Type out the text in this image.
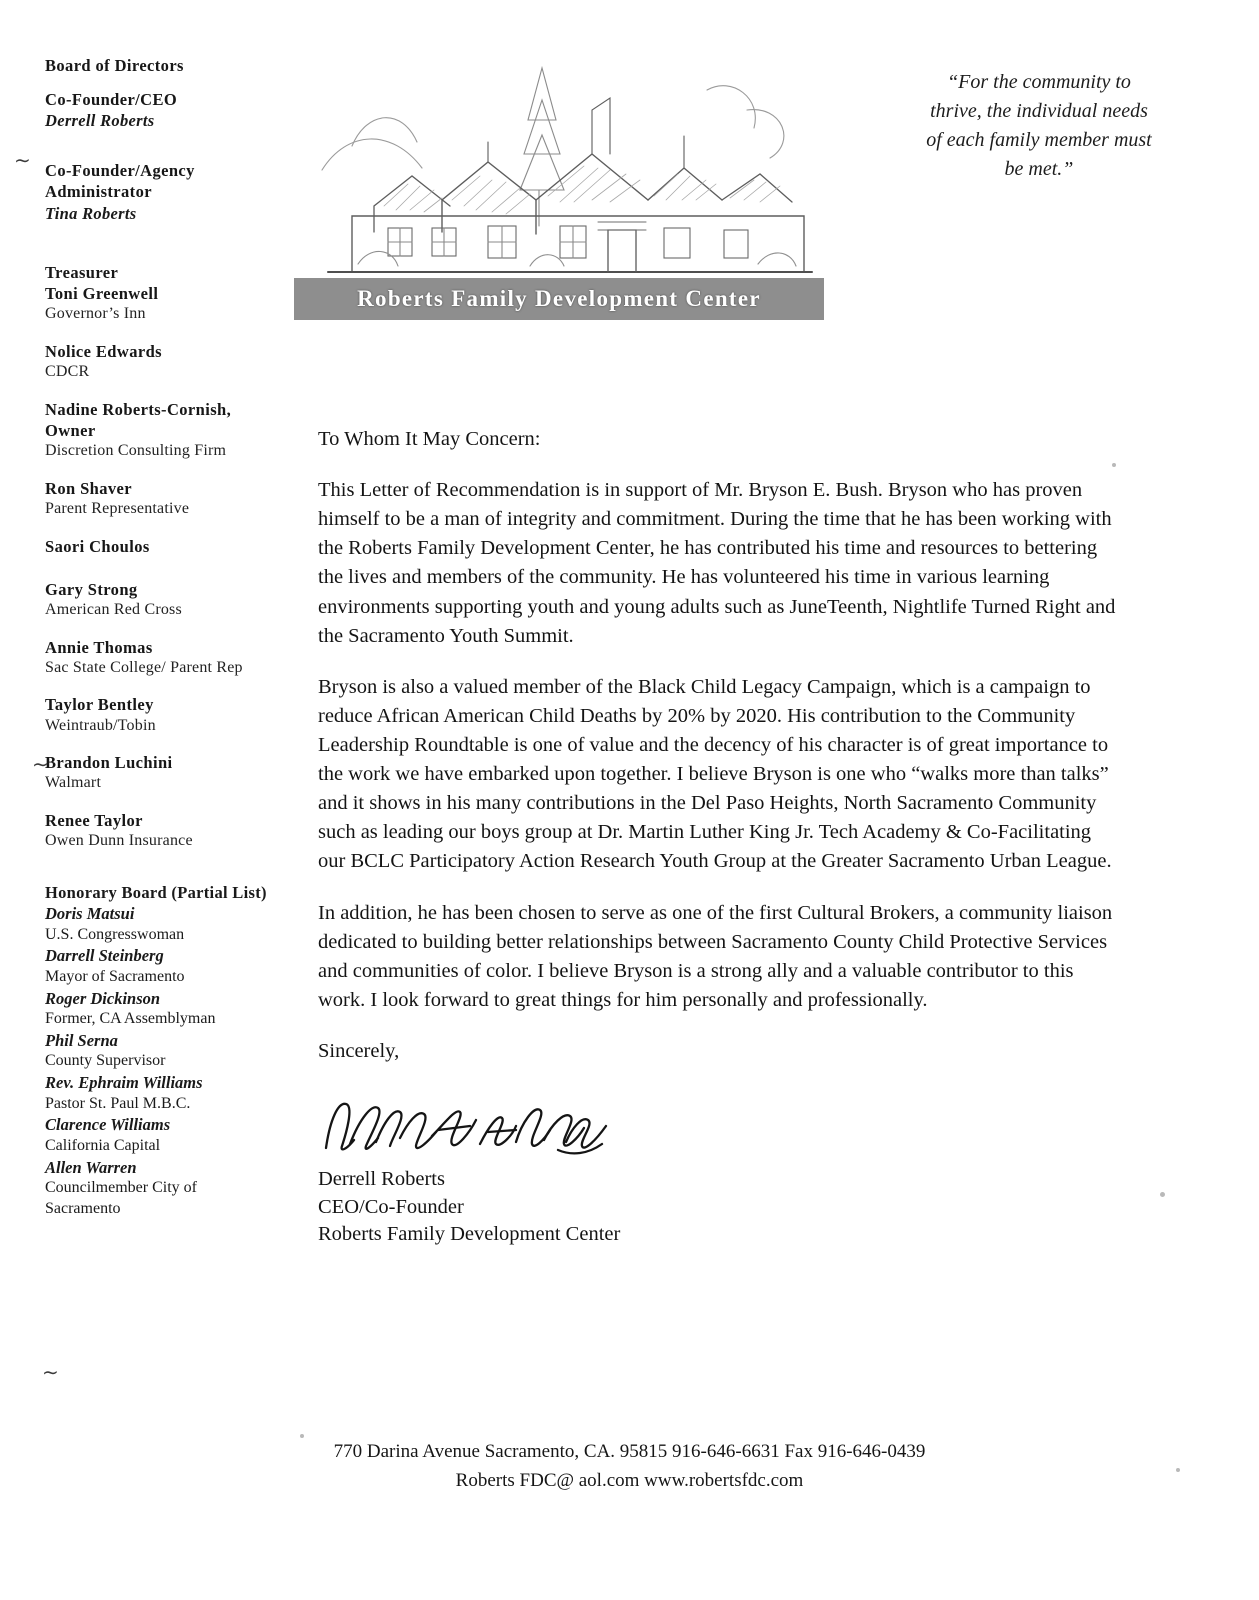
Board of Directors
Co-Founder/CEO
Derrell Roberts
Co-Founder/Agency Administrator
Tina Roberts
Treasurer
Toni Greenwell
Governor’s Inn
Nolice Edwards
CDCR
Nadine Roberts-Cornish, Owner
Discretion Consulting Firm
Ron Shaver
Parent Representative
Saori Choulos
Gary Strong
American Red Cross
Annie Thomas
Sac State College/ Parent Rep
Taylor Bentley
Weintraub/Tobin
Brandon Luchini
Walmart
Renee Taylor
Owen Dunn Insurance
Honorary Board (Partial List)
Doris Matsui
U.S. Congresswoman
Darrell Steinberg
Mayor of Sacramento
Roger Dickinson
Former, CA Assemblyman
Phil Serna
County Supervisor
Rev. Ephraim Williams
Pastor St. Paul M.B.C.
Clarence Williams
California Capital
Allen Warren
Councilmember City of Sacramento
∼
∼
∼
Roberts Family Development Center
“For the community to thrive, the individual needs of each family member must be met.”

To Whom It May Concern:

This Letter of Recommendation is in support of Mr. Bryson E. Bush. Bryson who has proven himself to be a man of integrity and commitment. During the time that he has been working with the Roberts Family Development Center, he has contributed his time and resources to bettering the lives and members of the community. He has volunteered his time in various learning environments supporting youth and young adults such as JuneTeenth, Nightlife Turned Right and the Sacramento Youth Summit.

Bryson is also a valued member of the Black Child Legacy Campaign, which is a campaign to reduce African American Child Deaths by 20% by 2020. His contribution to the Community Leadership Roundtable is one of value and the decency of his character is of great importance to the work we have embarked upon together. I believe Bryson is one who “walks more than talks” and it shows in his many contributions in the Del Paso Heights, North Sacramento Community such as leading our boys group at Dr. Martin Luther King Jr. Tech Academy & Co-Facilitating our BCLC Participatory Action Research Youth Group at the Greater Sacramento Urban League.

In addition, he has been chosen to serve as one of the first Cultural Brokers, a community liaison dedicated to building better relationships between Sacramento County Child Protective Services and communities of color. I believe Bryson is a strong ally and a valuable contributor to this work. I look forward to great things for him personally and professionally.

Sincerely,

Derrell Roberts
CEO/Co-Founder
Roberts Family Development Center
770 Darina Avenue Sacramento, CA. 95815 916-646-6631 Fax 916-646-0439
Roberts FDC@ aol.com www.robertsfdc.com
